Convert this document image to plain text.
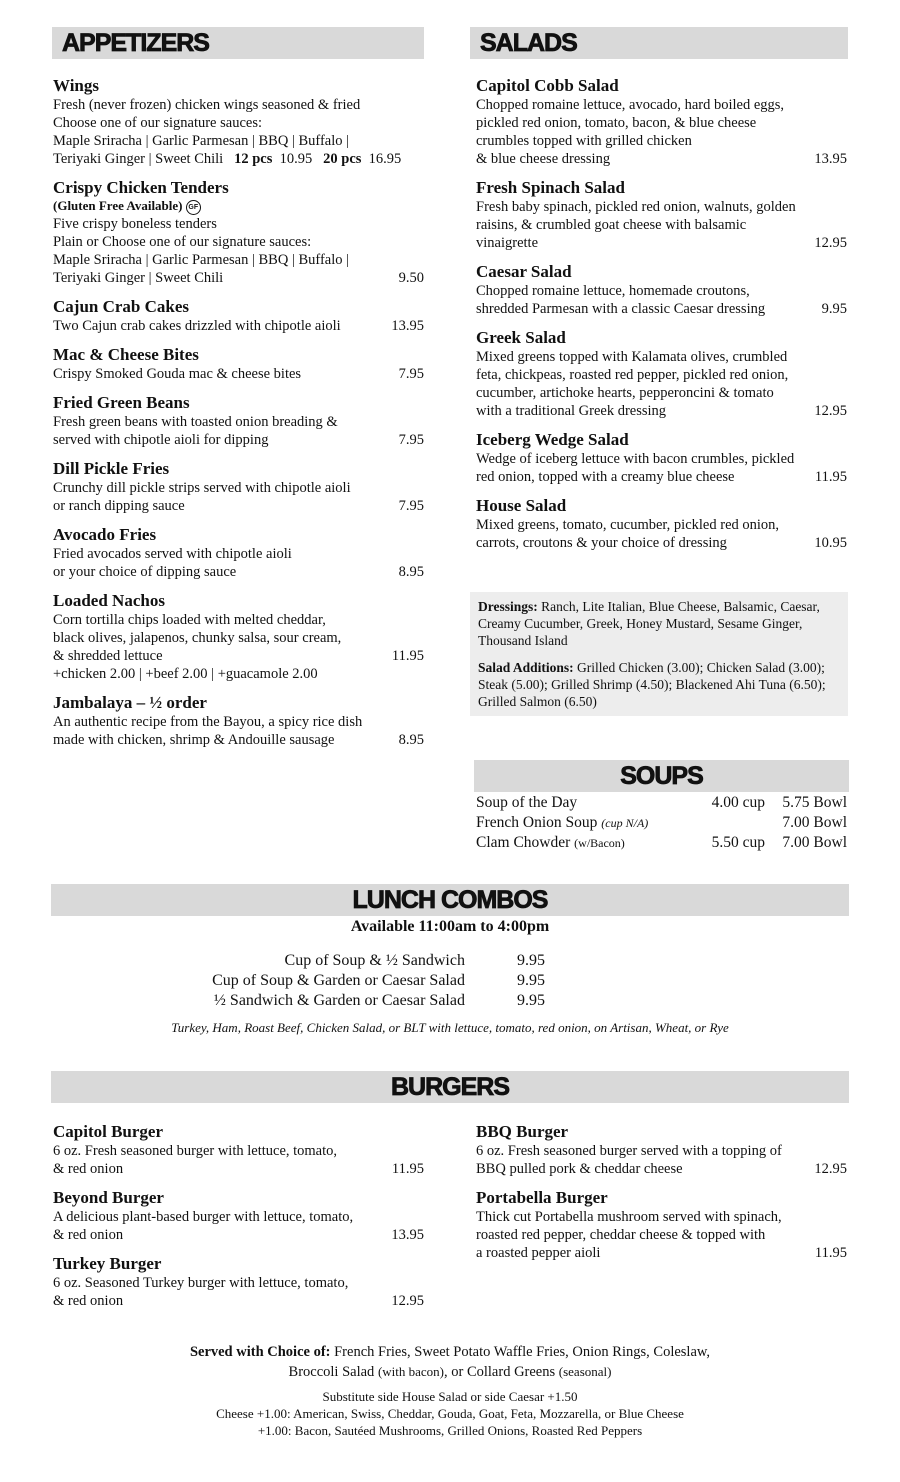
APPETIZERS	SALADS
Wings
Fresh (never frozen) chicken wings seasoned & fried
Choose one of our signature sauces:
Maple Sriracha | Garlic Parmesan | BBQ | Buffalo |
Teriyaki Ginger | Sweet Chili 12 pcs 10.95 20 pcs 16.95
Crispy Chicken Tenders
(Gluten Free Available) GF
Five crispy boneless tenders
Plain or Choose one of our signature sauces:
Maple Sriracha | Garlic Parmesan | BBQ | Buffalo |
Teriyaki Ginger | Sweet Chili	9.50
Cajun Crab Cakes
Two Cajun crab cakes drizzled with chipotle aioli	13.95
Mac & Cheese Bites
Crispy Smoked Gouda mac & cheese bites	7.95
Fried Green Beans
Fresh green beans with toasted onion breading &
served with chipotle aioli for dipping	7.95
Dill Pickle Fries
Crunchy dill pickle strips served with chipotle aioli
or ranch dipping sauce	7.95
Avocado Fries
Fried avocados served with chipotle aioli
or your choice of dipping sauce	8.95
Loaded Nachos
Corn tortilla chips loaded with melted cheddar,
black olives, jalapenos, chunky salsa, sour cream,
& shredded lettuce	11.95
+chicken 2.00 | +beef 2.00 | +guacamole 2.00
Jambalaya – ½ order
An authentic recipe from the Bayou, a spicy rice dish
made with chicken, shrimp & Andouille sausage	8.95
Capitol Cobb Salad
Chopped romaine lettuce, avocado, hard boiled eggs,
pickled red onion, tomato, bacon, & blue cheese
crumbles topped with grilled chicken
& blue cheese dressing	13.95
Fresh Spinach Salad
Fresh baby spinach, pickled red onion, walnuts, golden
raisins, & crumbled goat cheese with balsamic
vinaigrette	12.95
Caesar Salad
Chopped romaine lettuce, homemade croutons,
shredded Parmesan with a classic Caesar dressing	9.95
Greek Salad
Mixed greens topped with Kalamata olives, crumbled
feta, chickpeas, roasted red pepper, pickled red onion,
cucumber, artichoke hearts, pepperoncini & tomato
with a traditional Greek dressing	12.95
Iceberg Wedge Salad
Wedge of iceberg lettuce with bacon crumbles, pickled
red onion, topped with a creamy blue cheese	11.95
House Salad
Mixed greens, tomato, cucumber, pickled red onion,
carrots, croutons & your choice of dressing	10.95

Dressings: Ranch, Lite Italian, Blue Cheese, Balsamic, Caesar, Creamy Cucumber, Greek, Honey Mustard, Sesame Ginger, Thousand Island

Salad Additions: Grilled Chicken (3.00); Chicken Salad (3.00); Steak (5.00); Grilled Shrimp (4.50); Blackened Ahi Tuna (6.50); Grilled Salmon (6.50)

SOUPS
Soup of the Day	4.00 cup	5.75 Bowl
French Onion Soup (cup N/A)	7.00 Bowl
Clam Chowder (w/Bacon)	5.50 cup	7.00 Bowl
LUNCH COMBOS
Available 11:00am to 4:00pm
Cup of Soup & ½ Sandwich	9.95
Cup of Soup & Garden or Caesar Salad	9.95
½ Sandwich & Garden or Caesar Salad	9.95
Turkey, Ham, Roast Beef, Chicken Salad, or BLT with lettuce, tomato, red onion, on Artisan, Wheat, or Rye
BURGERS
Capitol Burger
6 oz. Fresh seasoned burger with lettuce, tomato,
& red onion	11.95
Beyond Burger
A delicious plant-based burger with lettuce, tomato,
& red onion	13.95
Turkey Burger
6 oz. Seasoned Turkey burger with lettuce, tomato,
& red onion	12.95
BBQ Burger
6 oz. Fresh seasoned burger served with a topping of
BBQ pulled pork & cheddar cheese	12.95
Portabella Burger
Thick cut Portabella mushroom served with spinach,
roasted red pepper, cheddar cheese & topped with
a roasted pepper aioli	11.95
Served with Choice of: French Fries, Sweet Potato Waffle Fries, Onion Rings, Coleslaw,
Broccoli Salad (with bacon), or Collard Greens (seasonal)
Substitute side House Salad or side Caesar +1.50
Cheese +1.00: American, Swiss, Cheddar, Gouda, Goat, Feta, Mozzarella, or Blue Cheese
+1.00: Bacon, Sautéed Mushrooms, Grilled Onions, Roasted Red Peppers
